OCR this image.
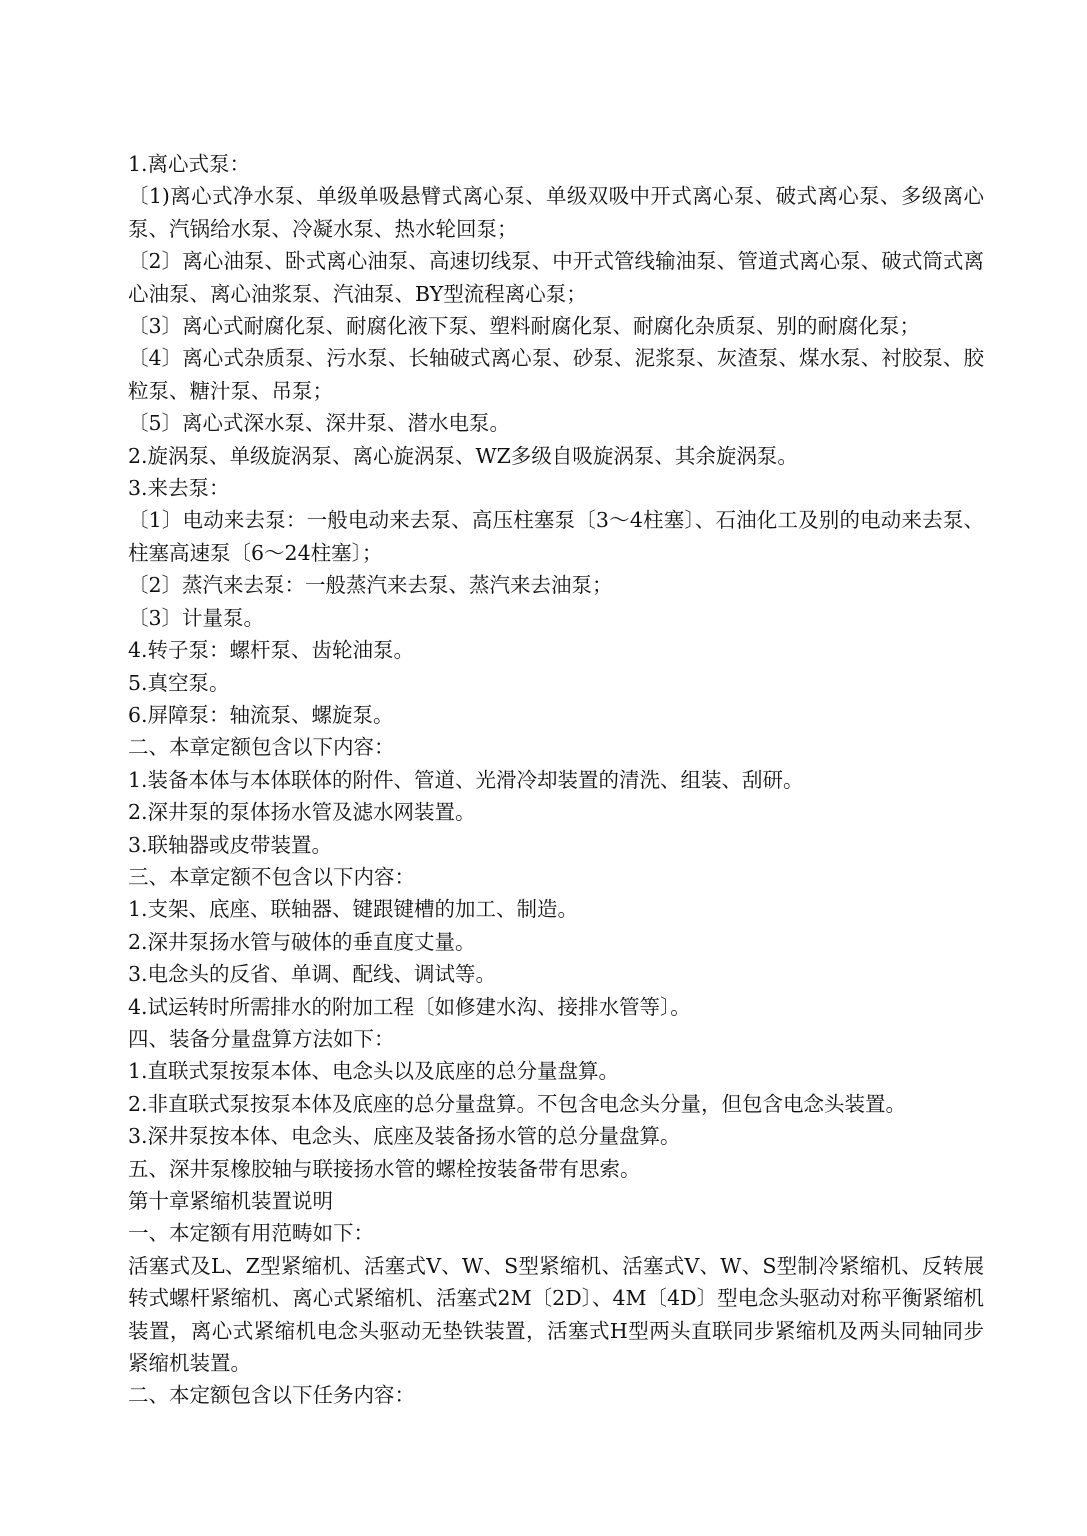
1.离心式泵：

〔1)离心式净水泵、单级单吸悬臂式离心泵、单级双吸中开式离心泵、破式离心泵、多级离心泵、汽锅给水泵、冷凝水泵、热水轮回泵；

〔2〕离心油泵、卧式离心油泵、高速切线泵、中开式管线输油泵、管道式离心泵、破式筒式离心油泵、离心油浆泵、汽油泵、BY型流程离心泵；

〔3〕离心式耐腐化泵、耐腐化液下泵、塑料耐腐化泵、耐腐化杂质泵、别的耐腐化泵；

〔4〕离心式杂质泵、污水泵、长轴破式离心泵、砂泵、泥浆泵、灰渣泵、煤水泵、衬胶泵、胶粒泵、糖汁泵、吊泵；

〔5〕离心式深水泵、深井泵、潜水电泵。

2.旋涡泵、单级旋涡泵、离心旋涡泵、WZ多级自吸旋涡泵、其余旋涡泵。

3.来去泵：

〔1〕电动来去泵：一般电动来去泵、高压柱塞泵〔3～4柱塞〕、石油化工及别的电动来去泵、柱塞高速泵〔6～24柱塞〕；

〔2〕蒸汽来去泵：一般蒸汽来去泵、蒸汽来去油泵；

〔3〕计量泵。

4.转子泵：螺杆泵、齿轮油泵。

5.真空泵。

6.屏障泵：轴流泵、螺旋泵。

二、本章定额包含以下内容：

1.装备本体与本体联体的附件、管道、光滑冷却装置的清洗、组装、刮研。

2.深井泵的泵体扬水管及滤水网装置。

3.联轴器或皮带装置。

三、本章定额不包含以下内容：

1.支架、底座、联轴器、键跟键槽的加工、制造。

2.深井泵扬水管与破体的垂直度丈量。

3.电念头的反省、单调、配线、调试等。

4.试运转时所需排水的附加工程〔如修建水沟、接排水管等〕。

四、装备分量盘算方法如下：

1.直联式泵按泵本体、电念头以及底座的总分量盘算。

2.非直联式泵按泵本体及底座的总分量盘算。不包含电念头分量，但包含电念头装置。

3.深井泵按本体、电念头、底座及装备扬水管的总分量盘算。

五、深井泵橡胶轴与联接扬水管的螺栓按装备带有思索。

第十章紧缩机装置说明

一、本定额有用范畴如下：

活塞式及L、Z型紧缩机、活塞式V、W、S型紧缩机、活塞式V、W、S型制冷紧缩机、反转展转式螺杆紧缩机、离心式紧缩机、活塞式2M〔2D〕、4M〔4D〕型电念头驱动对称平衡紧缩机装置，离心式紧缩机电念头驱动无垫铁装置，活塞式H型两头直联同步紧缩机及两头同轴同步紧缩机装置。

二、本定额包含以下任务内容：
